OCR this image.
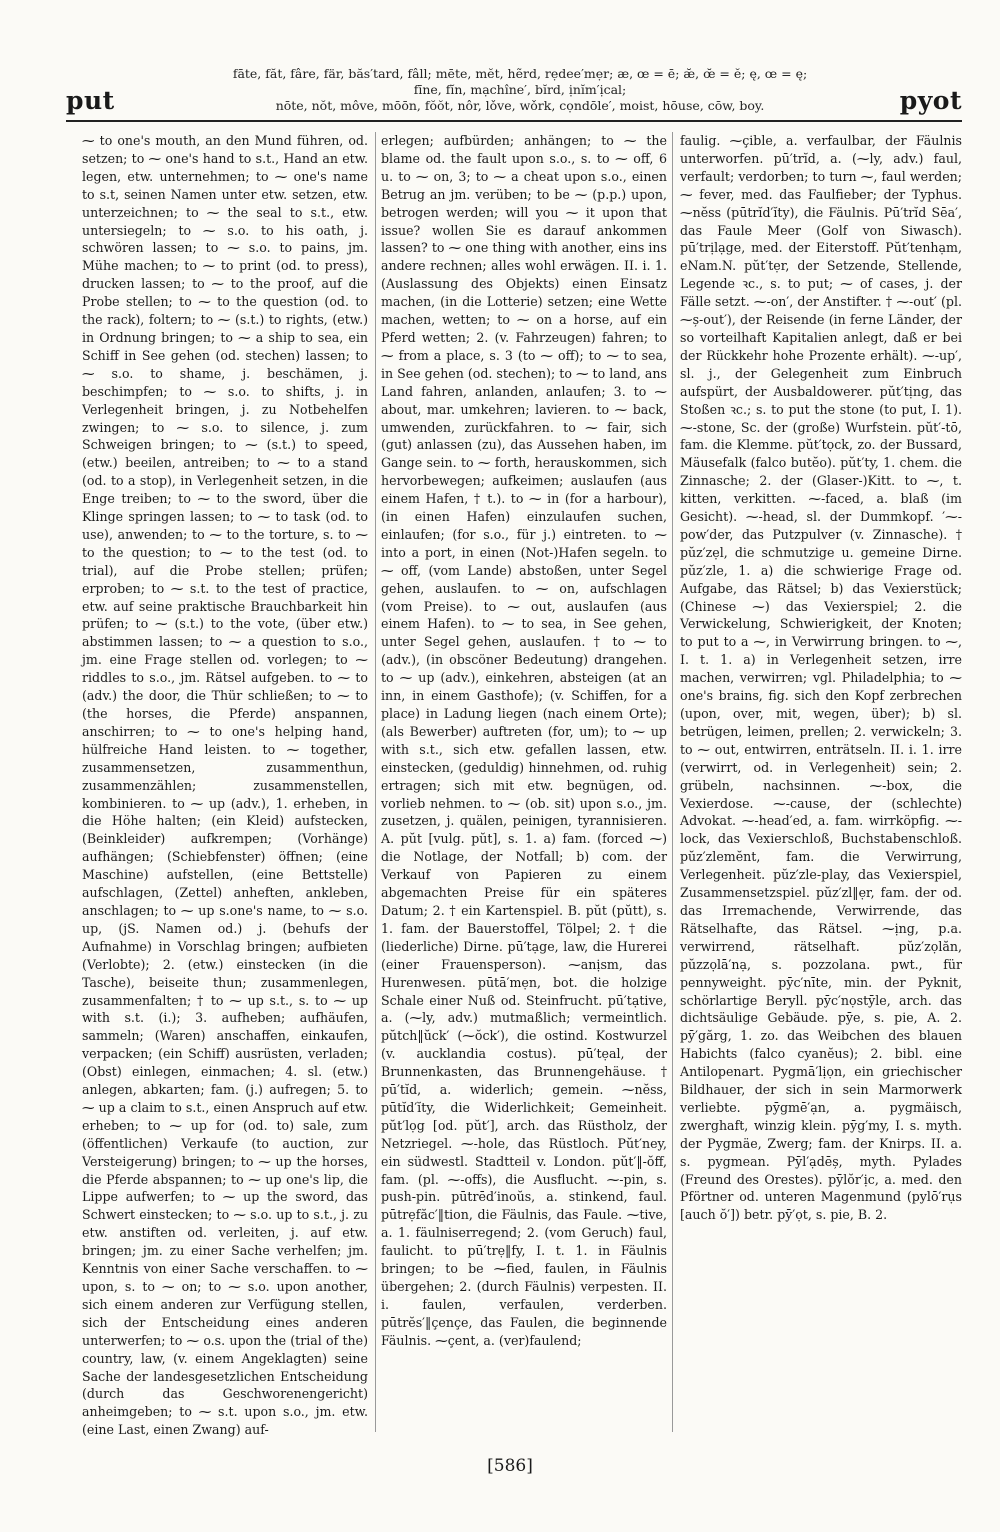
fāte, făt, fâre, fär, băs′tard, fâll; mēte, mĕt, hẽrd, rẹdee′mẹr; æ, œ = ē; æ̆, œ̆ = ĕ; ę, œ = ę;
fīne, fĭn, mạchîne′, bĭrd, ịnĭm′ịcal;
nōte, nŏt, môve, mōōn, fŏŏt, nôr, lǒve, wǒrk, cọndōle′, moist, hōuse, cōw, boy.
put	pyot

⁓ to one's mouth, an den Mund führen, od. setzen; to ⁓ one's hand to s.t., Hand an etw. legen, etw. unternehmen; to ⁓ one's name to s.t, seinen Namen unter etw. setzen, etw. unterzeichnen; to ⁓ the seal to s.t., etw. untersiegeln; to ⁓ s.o. to his oath, j. schwören lassen; to ⁓ s.o. to pains, jm. Mühe machen; to ⁓ to print (od. to press), drucken lassen; to ⁓ to the proof, auf die Probe stellen; to ⁓ to the question (od. to the rack), foltern; to ⁓ (s.t.) to rights, (etw.) in Ordnung bringen; to ⁓ a ship to sea, ein Schiff in See gehen (od. stechen) lassen; to ⁓ s.o. to shame, j. beschämen, j. beschimpfen; to ⁓ s.o. to shifts, j. in Verlegenheit bringen, j. zu Notbehelfen zwingen; to ⁓ s.o. to silence, j. zum Schweigen bringen; to ⁓ (s.t.) to speed, (etw.) beeilen, antreiben; to ⁓ to a stand (od. to a stop), in Verlegenheit setzen, in die Enge treiben; to ⁓ to the sword, über die Klinge springen lassen; to ⁓ to task (od. to use), anwenden; to ⁓ to the torture, s. to ⁓ to the question; to ⁓ to the test (od. to trial), auf die Probe stellen; prüfen; erproben; to ⁓ s.t. to the test of practice, etw. auf seine praktische Brauchbarkeit hin prüfen; to ⁓ (s.t.) to the vote, (über etw.) abstimmen lassen; to ⁓ a question to s.o., jm. eine Frage stellen od. vorlegen; to ⁓ riddles to s.o., jm. Rätsel aufgeben. to ⁓ to (adv.) the door, die Thür schließen; to ⁓ to (the horses, die Pferde) anspannen, anschirren; to ⁓ to one's helping hand, hülfreiche Hand leisten. to ⁓ together, zusammensetzen, zusammenthun, zusammenzählen; zusammenstellen, kombinieren. to ⁓ up (adv.), 1. erheben, in die Höhe halten; (ein Kleid) aufstecken, (Beinkleider) aufkrempen; (Vorhänge) aufhängen; (Schiebfenster) öffnen; (eine Maschine) aufstellen, (eine Bettstelle) aufschlagen, (Zettel) anheften, ankleben, anschlagen; to ⁓ up s.one's name, to ⁓ s.o. up, (jS. Namen od.) j. (behufs der Aufnahme) in Vorschlag bringen; aufbieten (Verlobte); 2. (etw.) einstecken (in die Tasche), beiseite thun; zusammenlegen, zusammenfalten; † to ⁓ up s.t., s. to ⁓ up with s.t. (i.); 3. aufheben; aufhäufen, sammeln; (Waren) anschaffen, einkaufen, verpacken; (ein Schiff) ausrüsten, verladen; (Obst) einlegen, einmachen; 4. sl. (etw.) anlegen, abkarten; fam. (j.) aufregen; 5. to ⁓ up a claim to s.t., einen Anspruch auf etw. erheben; to ⁓ up for (od. to) sale, zum (öffentlichen) Verkaufe (to auction, zur Versteigerung) bringen; to ⁓ up the horses, die Pferde abspannen; to ⁓ up one's lip, die Lippe aufwerfen; to ⁓ up the sword, das Schwert einstecken; to ⁓ s.o. up to s.t., j. zu etw. anstiften od. verleiten, j. auf etw. bringen; jm. zu einer Sache verhelfen; jm. Kenntnis von einer Sache verschaffen. to ⁓ upon, s. to ⁓ on; to ⁓ s.o. upon another, sich einem anderen zur Verfügung stellen, sich der Entscheidung eines anderen unterwerfen; to ⁓ o.s. upon the (trial of the) country, law, (v. einem Angeklagten) seine Sache der landesgesetzlichen Entscheidung (durch das Geschworenengericht) anheimgeben; to ⁓ s.t. upon s.o., jm. etw. (eine Last, einen Zwang) auf-

erlegen; aufbürden; anhängen; to ⁓ the blame od. the fault upon s.o., s. to ⁓ off, 6 u. to ⁓ on, 3; to ⁓ a cheat upon s.o., einen Betrug an jm. verüben; to be ⁓ (p.p.) upon, betrogen werden; will you ⁓ it upon that issue? wollen Sie es darauf ankommen lassen? to ⁓ one thing with another, eins ins andere rechnen; alles wohl erwägen. II. i. 1. (Auslassung des Objekts) einen Einsatz machen, (in die Lotterie) setzen; eine Wette machen, wetten; to ⁓ on a horse, auf ein Pferd wetten; 2. (v. Fahrzeugen) fahren; to ⁓ from a place, s. 3 (to ⁓ off); to ⁓ to sea, in See gehen (od. stechen); to ⁓ to land, ans Land fahren, anlanden, anlaufen; 3. to ⁓ about, mar. umkehren; lavieren. to ⁓ back, umwenden, zurückfahren. to ⁓ fair, sich (gut) anlassen (zu), das Aussehen haben, im Gange sein. to ⁓ forth, herauskommen, sich hervorbewegen; aufkeimen; auslaufen (aus einem Hafen, † t.). to ⁓ in (for a harbour), (in einen Hafen) einzulaufen suchen, einlaufen; (for s.o., für j.) eintreten. to ⁓ into a port, in einen (Not-)Hafen segeln. to ⁓ off, (vom Lande) abstoßen, unter Segel gehen, auslaufen. to ⁓ on, aufschlagen (vom Preise). to ⁓ out, auslaufen (aus einem Hafen). to ⁓ to sea, in See gehen, unter Segel gehen, auslaufen. † to ⁓ to (adv.), (in obscöner Bedeutung) drangehen. to ⁓ up (adv.), einkehren, absteigen (at an inn, in einem Gasthofe); (v. Schiffen, for a place) in Ladung liegen (nach einem Orte); (als Bewerber) auftreten (for, um); to ⁓ up with s.t., sich etw. gefallen lassen, etw. einstecken, (geduldig) hinnehmen, od. ruhig ertragen; sich mit etw. begnügen, od. vorlieb nehmen. to ⁓ (ob. sit) upon s.o., jm. zusetzen, j. quälen, peinigen, tyrannisieren. A. pŭt [vulg. pŭt], s. 1. a) fam. (forced ⁓) die Notlage, der Notfall; b) com. der Verkauf von Papieren zu einem abgemachten Preise für ein späteres Datum; 2. † ein Kartenspiel. B. pŭt (pŭtt), s. 1. fam. der Bauerstoffel, Tölpel; 2. † die (liederliche) Dirne. pū′tạge, law, die Hurerei (einer Frauensperson). ⁓anịsm, das Hurenwesen. pūtā′mẹn, bot. die holzige Schale einer Nuß od. Steinfrucht. pū′tạtive, a. (⁓ly, adv.) mutmaßlich; vermeintlich. pŭtch‖ŭck′ (⁓ŏck′), die ostind. Kostwurzel (v. aucklandia costus). pū′tẹal, der Brunnenkasten, das Brunnengehäuse. † pū′tĭd, a. widerlich; gemein. ⁓nĕss, pūtĭd′ĭty, die Widerlichkeit; Gemeinheit. pŭt′lọg [od. pŭt′], arch. das Rüstholz, der Netzriegel. ⁓-hole, das Rüstloch. Pŭt′ney, ein südwestl. Stadtteil v. London. pŭt′‖-ŏff, fam. (pl. ⁓-offs), die Ausflucht. ⁓-pin, s. push-pin. pūtrēd′inoŭs, a. stinkend, faul. pūtrẹfăc′‖tion, die Fäulnis, das Faule. ⁓tive, a. 1. fäulniserregend; 2. (vom Geruch) faul, faulicht. to pū′trẹ‖fy, I. t. 1. in Fäulnis bringen; to be ⁓fied, faulen, in Fäulnis übergehen; 2. (durch Fäulnis) verpesten. II. i. faulen, verfaulen, verderben. pūtrĕs′‖çençe, das Faulen, die beginnende Fäulnis. ⁓çent, a. (ver)faulend;

faulig. ⁓çible, a. verfaulbar, der Fäulnis unterworfen. pū′trĭd, a. (⁓ly, adv.) faul, verfault; verdorben; to turn ⁓, faul werden; ⁓ fever, med. das Faulfieber; der Typhus. ⁓nĕss (pūtrĭd′ĭty), die Fäulnis. Pū′trĭd Sēa′, das Faule Meer (Golf von Siwasch). pū′trịlạge, med. der Eiterstoff. Pŭt′tenhạm, eNam.N. pŭt′tẹr, der Setzende, Stellende, Legende ꝛc., s. to put; ⁓ of cases, j. der Fälle setzt. ⁓-on′, der Anstifter. † ⁓-out′ (pl. ⁓ș-out′), der Reisende (in ferne Länder, der so vorteilhaft Kapitalien anlegt, daß er bei der Rückkehr hohe Prozente erhält). ⁓-up′, sl. j., der Gelegenheit zum Einbruch aufspürt, der Ausbaldowerer. pŭt′tịng, das Stoßen ꝛc.; s. to put the stone (to put, I. 1). ⁓-stone, Sc. der (große) Wurfstein. pŭt′-tō, fam. die Klemme. pŭt′tọck, zo. der Bussard, Mäusefalk (falco butĕo). pŭt′ty, 1. chem. die Zinnasche; 2. der (Glaser-)Kitt. to ⁓, t. kitten, verkitten. ⁓-faced, a. blaß (im Gesicht). ⁓-head, sl. der Dummkopf. ′⁓-pow′der, das Putzpulver (v. Zinnasche). † pŭz′zẹl, die schmutzige u. gemeine Dirne. pŭz′zle, 1. a) die schwierige Frage od. Aufgabe, das Rätsel; b) das Vexierstück; (Chinese ⁓) das Vexierspiel; 2. die Verwickelung, Schwierigkeit, der Knoten; to put to a ⁓, in Verwirrung bringen. to ⁓, I. t. 1. a) in Verlegenheit setzen, irre machen, verwirren; vgl. Philadelphia; to ⁓ one's brains, fig. sich den Kopf zerbrechen (upon, over, mit, wegen, über); b) sl. betrügen, leimen, prellen; 2. verwickeln; 3. to ⁓ out, entwirren, enträtseln. II. i. 1. irre (verwirrt, od. in Verlegenheit) sein; 2. grübeln, nachsinnen. ⁓-box, die Vexierdose. ⁓-cause, der (schlechte) Advokat. ⁓-head′ed, a. fam. wirrköpfig. ⁓-lock, das Vexierschloß, Buchstabenschloß. pŭz′zlemĕnt, fam. die Verwirrung, Verlegenheit. pŭz′zle-play, das Vexierspiel, Zusammensetzspiel. pŭz′zl‖ẹr, fam. der od. das Irremachende, Verwirrende, das Rätselhafte, das Rätsel. ⁓ịng, p.a. verwirrend, rätselhaft. pŭz′zọlăn, pŭzzọlā′nạ, s. pozzolana. pwt., für pennyweight. pȳc′nīte, min. der Pyknit, schörlartige Beryll. pȳc′nọstȳle, arch. das dichtsäulige Gebäude. pȳe, s. pie, A. 2. pȳ′gărg, 1. zo. das Weibchen des blauen Habichts (falco cyanĕus); 2. bibl. eine Antilopenart. Pygmā′lịọn, ein griechischer Bildhauer, der sich in sein Marmorwerk verliebte. pȳgmē′ạn, a. pygmäisch, zwerghaft, winzig klein. pȳg′my, I. s. myth. der Pygmäe, Zwerg; fam. der Knirps. II. a. s. pygmean. Pȳl′ạdēș, myth. Pylades (Freund des Orestes). pȳlŏr′ịc, a. med. den Pförtner od. unteren Magenmund (pylō′rụs [auch ŏ′]) betr. pȳ′ọt, s. pie, B. 2.

[586]
